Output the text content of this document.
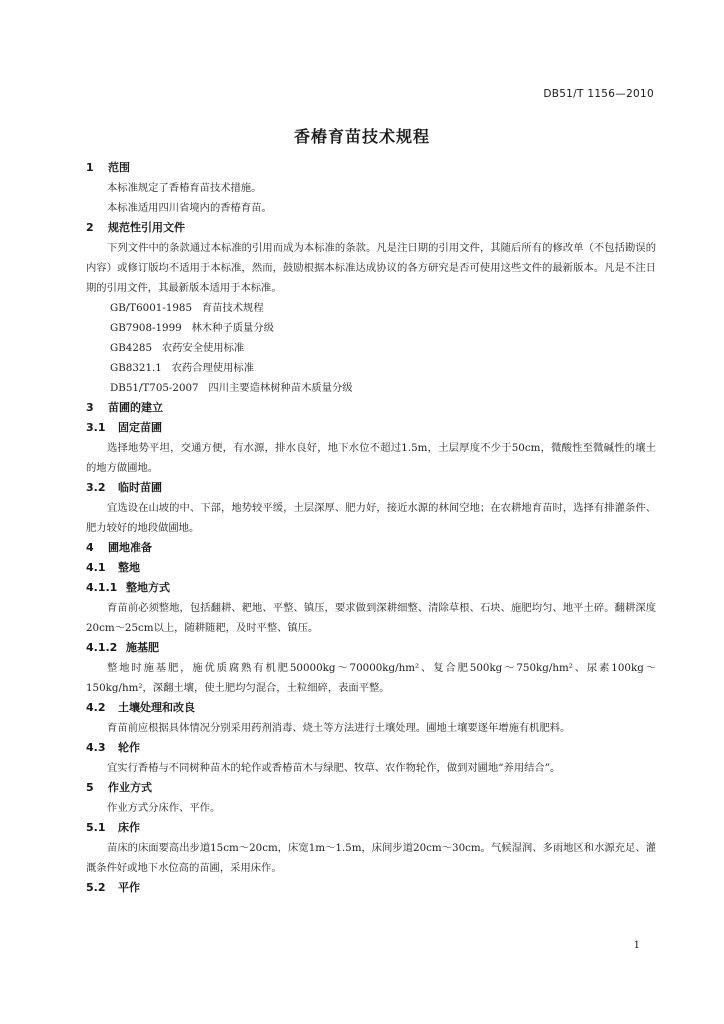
DB51/T 1156—2010
香椿育苗技术规程
1 范围

本标准规定了香椿育苗技术措施。

本标准适用四川省境内的香椿育苗。

2 规范性引用文件

下列文件中的条款通过本标准的引用而成为本标准的条款。凡是注日期的引用文件，其随后所有的修改单（不包括勘误的内容）或修订版均不适用于本标准，然而，鼓励根据本标准达成协议的各方研究是否可使用这些文件的最新版本。凡是不注日期的引用文件，其最新版本适用于本标准。

GB/T6001-1985   育苗技术规程

GB7908-1999   林木种子质量分级

GB4285   农药安全使用标准

GB8321.1   农药合理使用标准

DB51/T705-2007   四川主要造林树种苗木质量分级

3 苗圃的建立
3.1 固定苗圃

选择地势平坦，交通方便，有水源，排水良好，地下水位不超过1.5m，土层厚度不少于50cm，微酸性至微碱性的壤土的地方做圃地。

3.2 临时苗圃

宜选设在山坡的中、下部，地势较平缓，土层深厚、肥力好，接近水源的林间空地；在农耕地育苗时，选择有排灌条件、肥力较好的地段做圃地。

4 圃地准备
4.1 整地
4.1.1 整地方式

育苗前必须整地，包括翻耕、耙地、平整、镇压，要求做到深耕细整、清除草根、石块、施肥均匀、地平土碎。翻耕深度20cm～25cm以上，随耕随耙，及时平整、镇压。

4.1.2 施基肥

整地时施基肥，施优质腐熟有机肥50000kg～70000kg/hm²、复合肥500kg～750kg/hm²、尿素100kg～150kg/hm²，深翻土壤，使土肥均匀混合，土粒细碎，表面平整。

4.2 土壤处理和改良

育苗前应根据具体情况分别采用药剂消毒、烧土等方法进行土壤处理。圃地土壤要逐年增施有机肥料。

4.3 轮作

宜实行香椿与不同树种苗木的轮作或香椿苗木与绿肥、牧草、农作物轮作，做到对圃地“养用结合”。

5 作业方式

作业方式分床作、平作。

5.1 床作

苗床的床面要高出步道15cm～20cm，床宽1m～1.5m，床间步道20cm～30cm。气候湿润、多雨地区和水源充足、灌溉条件好或地下水位高的苗圃，采用床作。

5.2 平作
1
